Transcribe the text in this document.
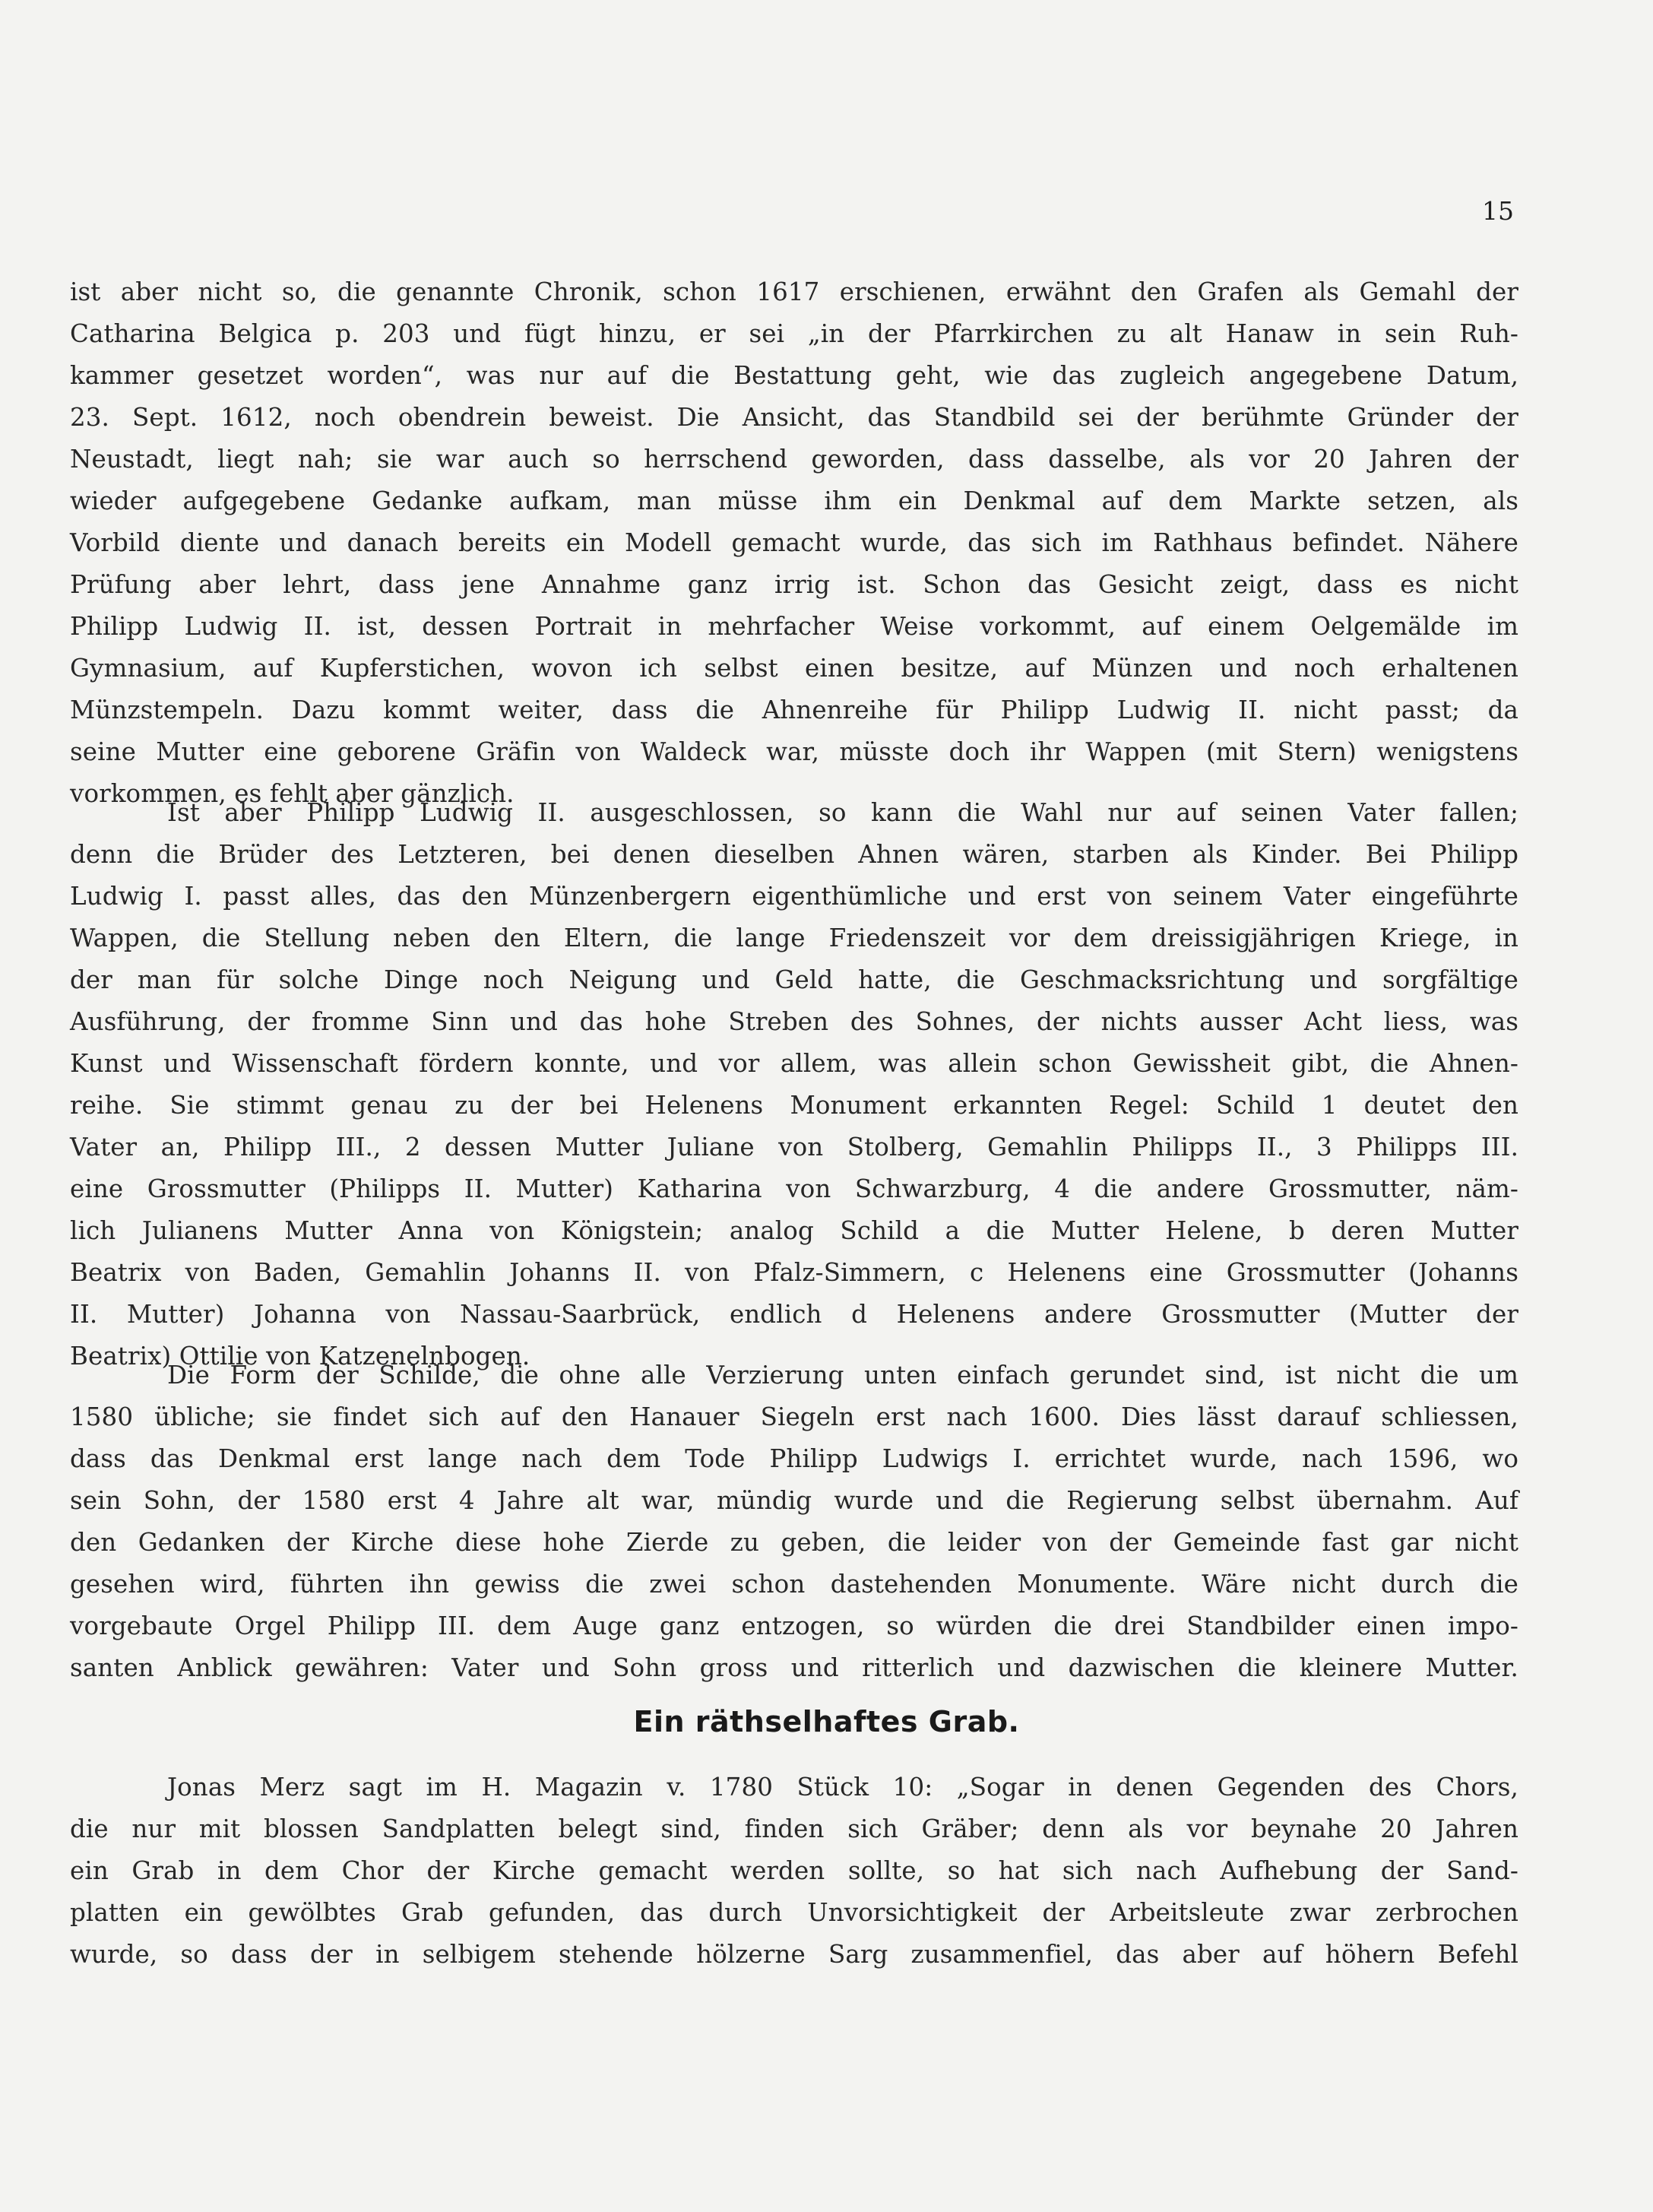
15
ist aber nicht so, die genannte Chronik, schon 1617 erschienen, erwähnt den Grafen als Gemahl der
Catharina Belgica p. 203 und fügt hinzu, er sei „in der Pfarrkirchen zu alt Hanaw in sein Ruh-
kammer gesetzet worden“, was nur auf die Bestattung geht, wie das zugleich angegebene Datum,
23. Sept. 1612, noch obendrein beweist. Die Ansicht, das Standbild sei der berühmte Gründer der
Neustadt, liegt nah; sie war auch so herrschend geworden, dass dasselbe, als vor 20 Jahren der
wieder aufgegebene Gedanke aufkam, man müsse ihm ein Denkmal auf dem Markte setzen, als
Vorbild diente und danach bereits ein Modell gemacht wurde, das sich im Rathhaus befindet. Nähere
Prüfung aber lehrt, dass jene Annahme ganz irrig ist. Schon das Gesicht zeigt, dass es nicht
Philipp Ludwig II. ist, dessen Portrait in mehrfacher Weise vorkommt, auf einem Oelgemälde im
Gymnasium, auf Kupferstichen, wovon ich selbst einen besitze, auf Münzen und noch erhaltenen
Münzstempeln. Dazu kommt weiter, dass die Ahnenreihe für Philipp Ludwig II. nicht passt; da
seine Mutter eine geborene Gräfin von Waldeck war, müsste doch ihr Wappen (mit Stern) wenigstens
vorkommen, es fehlt aber gänzlich.
Ist aber Philipp Ludwig II. ausgeschlossen, so kann die Wahl nur auf seinen Vater fallen;
denn die Brüder des Letzteren, bei denen dieselben Ahnen wären, starben als Kinder. Bei Philipp
Ludwig I. passt alles, das den Münzenbergern eigenthümliche und erst von seinem Vater eingeführte
Wappen, die Stellung neben den Eltern, die lange Friedenszeit vor dem dreissigjährigen Kriege, in
der man für solche Dinge noch Neigung und Geld hatte, die Geschmacksrichtung und sorgfältige
Ausführung, der fromme Sinn und das hohe Streben des Sohnes, der nichts ausser Acht liess, was
Kunst und Wissenschaft fördern konnte, und vor allem, was allein schon Gewissheit gibt, die Ahnen-
reihe. Sie stimmt genau zu der bei Helenens Monument erkannten Regel: Schild 1 deutet den
Vater an, Philipp III., 2 dessen Mutter Juliane von Stolberg, Gemahlin Philipps II., 3 Philipps III.
eine Grossmutter (Philipps II. Mutter) Katharina von Schwarzburg, 4 die andere Grossmutter, näm-
lich Julianens Mutter Anna von Königstein; analog Schild a die Mutter Helene, b deren Mutter
Beatrix von Baden, Gemahlin Johanns II. von Pfalz-Simmern, c Helenens eine Grossmutter (Johanns
II. Mutter) Johanna von Nassau-Saarbrück, endlich d Helenens andere Grossmutter (Mutter der
Beatrix) Ottilie von Katzenelnbogen.
Die Form der Schilde, die ohne alle Verzierung unten einfach gerundet sind, ist nicht die um
1580 übliche; sie findet sich auf den Hanauer Siegeln erst nach 1600. Dies lässt darauf schliessen,
dass das Denkmal erst lange nach dem Tode Philipp Ludwigs I. errichtet wurde, nach 1596, wo
sein Sohn, der 1580 erst 4 Jahre alt war, mündig wurde und die Regierung selbst übernahm. Auf
den Gedanken der Kirche diese hohe Zierde zu geben, die leider von der Gemeinde fast gar nicht
gesehen wird, führten ihn gewiss die zwei schon dastehenden Monumente. Wäre nicht durch die
vorgebaute Orgel Philipp III. dem Auge ganz entzogen, so würden die drei Standbilder einen impo-
santen Anblick gewähren: Vater und Sohn gross und ritterlich und dazwischen die kleinere Mutter.
Ein räthselhaftes Grab.
Jonas Merz sagt im H. Magazin v. 1780 Stück 10: „Sogar in denen Gegenden des Chors,
die nur mit blossen Sandplatten belegt sind, finden sich Gräber; denn als vor beynahe 20 Jahren
ein Grab in dem Chor der Kirche gemacht werden sollte, so hat sich nach Aufhebung der Sand-
platten ein gewölbtes Grab gefunden, das durch Unvorsichtigkeit der Arbeitsleute zwar zerbrochen
wurde, so dass der in selbigem stehende hölzerne Sarg zusammenfiel, das aber auf höhern Befehl
